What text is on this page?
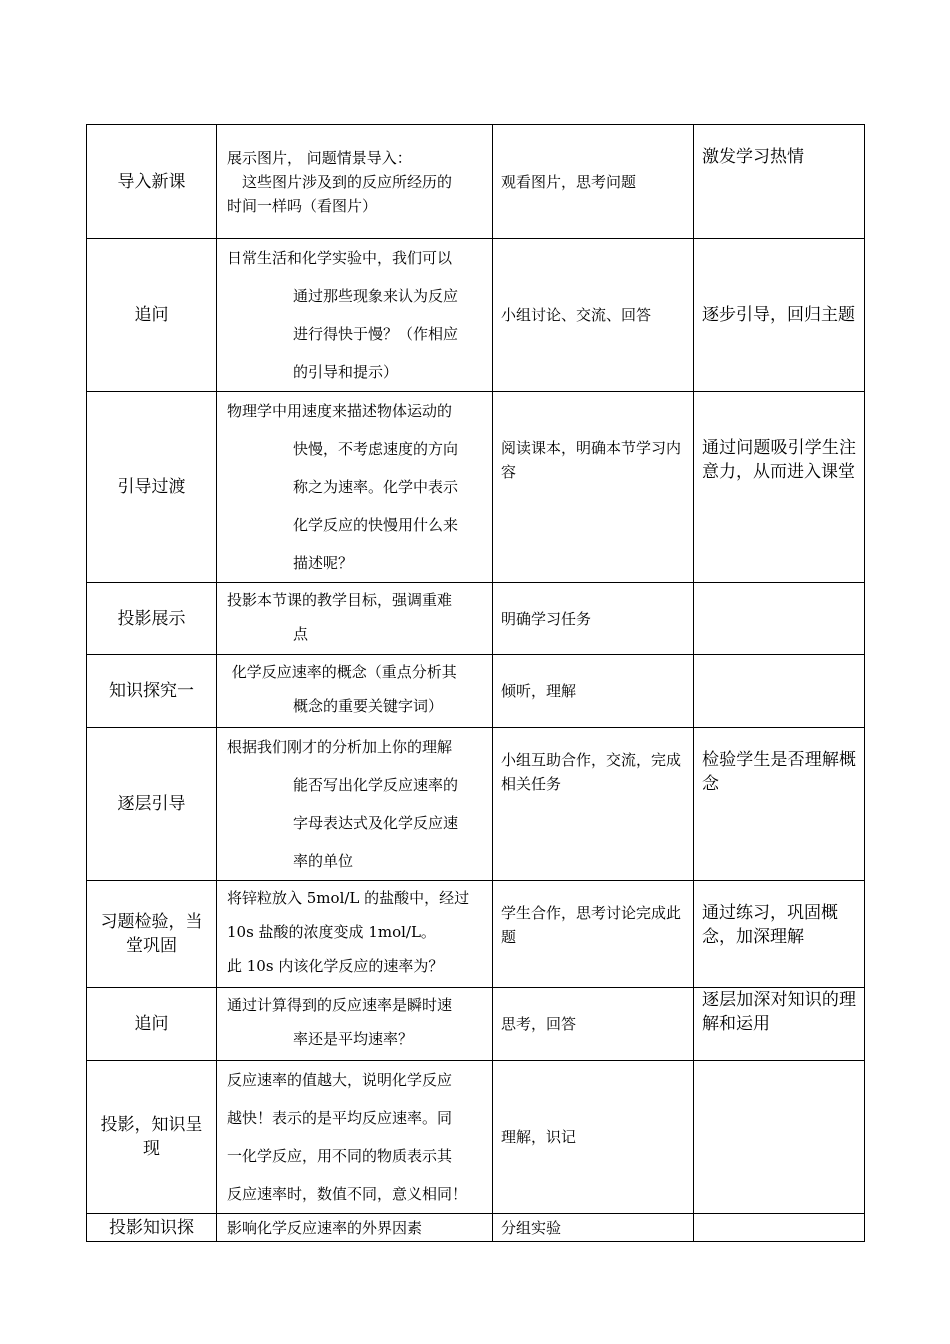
导入新课	展示图片， 问题情景导入：
　这些图片涉及到的反应所经历的
时间一样吗（看图片）	观看图片，思考问题	激发学习热情
追问	日常生活和化学实验中，我们可以
通过那些现象来认为反应
进行得快于慢？（作相应
的引导和提示）	小组讨论、交流、回答	逐步引导，回归主题
引导过渡	物理学中用速度来描述物体运动的
快慢，不考虑速度的方向
称之为速率。化学中表示
化学反应的快慢用什么来
描述呢？	阅读课本，明确本节学习内容	通过问题吸引学生注意力，从而进入课堂
投影展示	投影本节课的教学目标，强调重难
点	明确学习任务	
知识探究一	化学反应速率的概念（重点分析其
概念的重要关键字词）	倾听，理解	
逐层引导	根据我们刚才的分析加上你的理解
能否写出化学反应速率的
字母表达式及化学反应速
率的单位	小组互助合作，交流，完成相关任务	检验学生是否理解概念
习题检验，当堂巩固	将锌粒放入 5mol/L 的盐酸中，经过
10s 盐酸的浓度变成 1mol/L。
此 10s 内该化学反应的速率为？	学生合作，思考讨论完成此题	通过练习，巩固概念，加深理解
追问	通过计算得到的反应速率是瞬时速
率还是平均速率？	思考，回答	逐层加深对知识的理解和运用
投影，知识呈现	反应速率的值越大，说明化学反应
越快！表示的是平均反应速率。同
一化学反应，用不同的物质表示其
反应速率时，数值不同，意义相同！	理解，识记	
投影知识探	影响化学反应速率的外界因素	分组实验	
